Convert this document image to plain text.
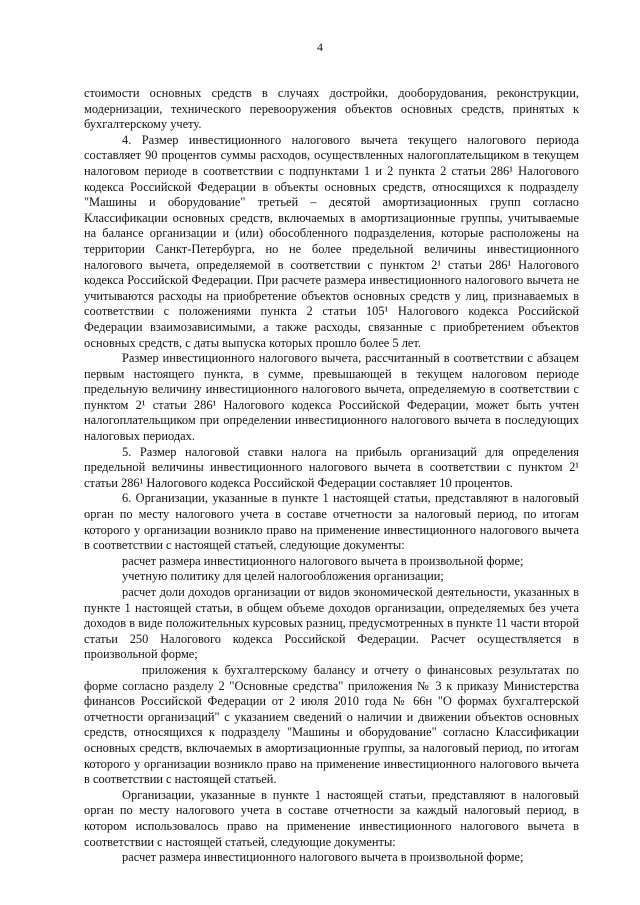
4

стоимости основных средств в случаях достройки, дооборудования, реконструкции, модернизации, технического перевооружения объектов основных средств, принятых к бухгалтерскому учету.

4. Размер инвестиционного налогового вычета текущего налогового периода составляет 90 процентов суммы расходов, осуществленных налогоплательщиком в текущем налоговом периоде в соответствии с подпунктами 1 и 2 пункта 2 статьи 286¹ Налогового кодекса Российской Федерации в объекты основных средств, относящихся к подразделу "Машины и оборудование" третьей – десятой амортизационных групп согласно Классификации основных средств, включаемых в амортизационные группы, учитываемые на балансе организации и (или) обособленного подразделения, которые расположены на территории Санкт-Петербурга, но не более предельной величины инвестиционного налогового вычета, определяемой в соответствии с пунктом 2¹ статьи 286¹ Налогового кодекса Российской Федерации. При расчете размера инвестиционного налогового вычета не учитываются расходы на приобретение объектов основных средств у лиц, признаваемых в соответствии с положениями пункта 2 статьи 105¹ Налогового кодекса Российской Федерации взаимозависимыми, а также расходы, связанные с приобретением объектов основных средств, с даты выпуска которых прошло более 5 лет.

Размер инвестиционного налогового вычета, рассчитанный в соответствии с абзацем первым настоящего пункта, в сумме, превышающей в текущем налоговом периоде предельную величину инвестиционного налогового вычета, определяемую в соответствии с пунктом 2¹ статьи 286¹ Налогового кодекса Российской Федерации, может быть учтен налогоплательщиком при определении инвестиционного налогового вычета в последующих налоговых периодах.

5. Размер налоговой ставки налога на прибыль организаций для определения предельной величины инвестиционного налогового вычета в соответствии с пунктом 2¹ статьи 286¹ Налогового кодекса Российской Федерации составляет 10 процентов.

6. Организации, указанные в пункте 1 настоящей статьи, представляют в налоговый орган по месту налогового учета в составе отчетности за налоговый период, по итогам которого у организации возникло право на применение инвестиционного налогового вычета в соответствии с настоящей статьей, следующие документы:

расчет размера инвестиционного налогового вычета в произвольной форме;

учетную политику для целей налогообложения организации;

расчет доли доходов организации от видов экономической деятельности, указанных в пункте 1 настоящей статьи, в общем объеме доходов организации, определяемых без учета доходов в виде положительных курсовых разниц, предусмотренных в пункте 11 части второй статьи 250 Налогового кодекса Российской Федерации. Расчет осуществляется в произвольной форме;

приложения к бухгалтерскому балансу и отчету о финансовых результатах по форме согласно разделу 2 "Основные средства" приложения № 3 к приказу Министерства финансов Российской Федерации от 2 июля 2010 года № 66н "О формах бухгалтерской отчетности организаций" с указанием сведений о наличии и движении объектов основных средств, относящихся к подразделу "Машины и оборудование" согласно Классификации основных средств, включаемых в амортизационные группы, за налоговый период, по итогам которого у организации возникло право на применение инвестиционного налогового вычета в соответствии с настоящей статьей.

Организации, указанные в пункте 1 настоящей статьи, представляют в налоговый орган по месту налогового учета в составе отчетности за каждый налоговый период, в котором использовалось право на применение инвестиционного налогового вычета в соответствии с настоящей статьей, следующие документы:

расчет размера инвестиционного налогового вычета в произвольной форме;
